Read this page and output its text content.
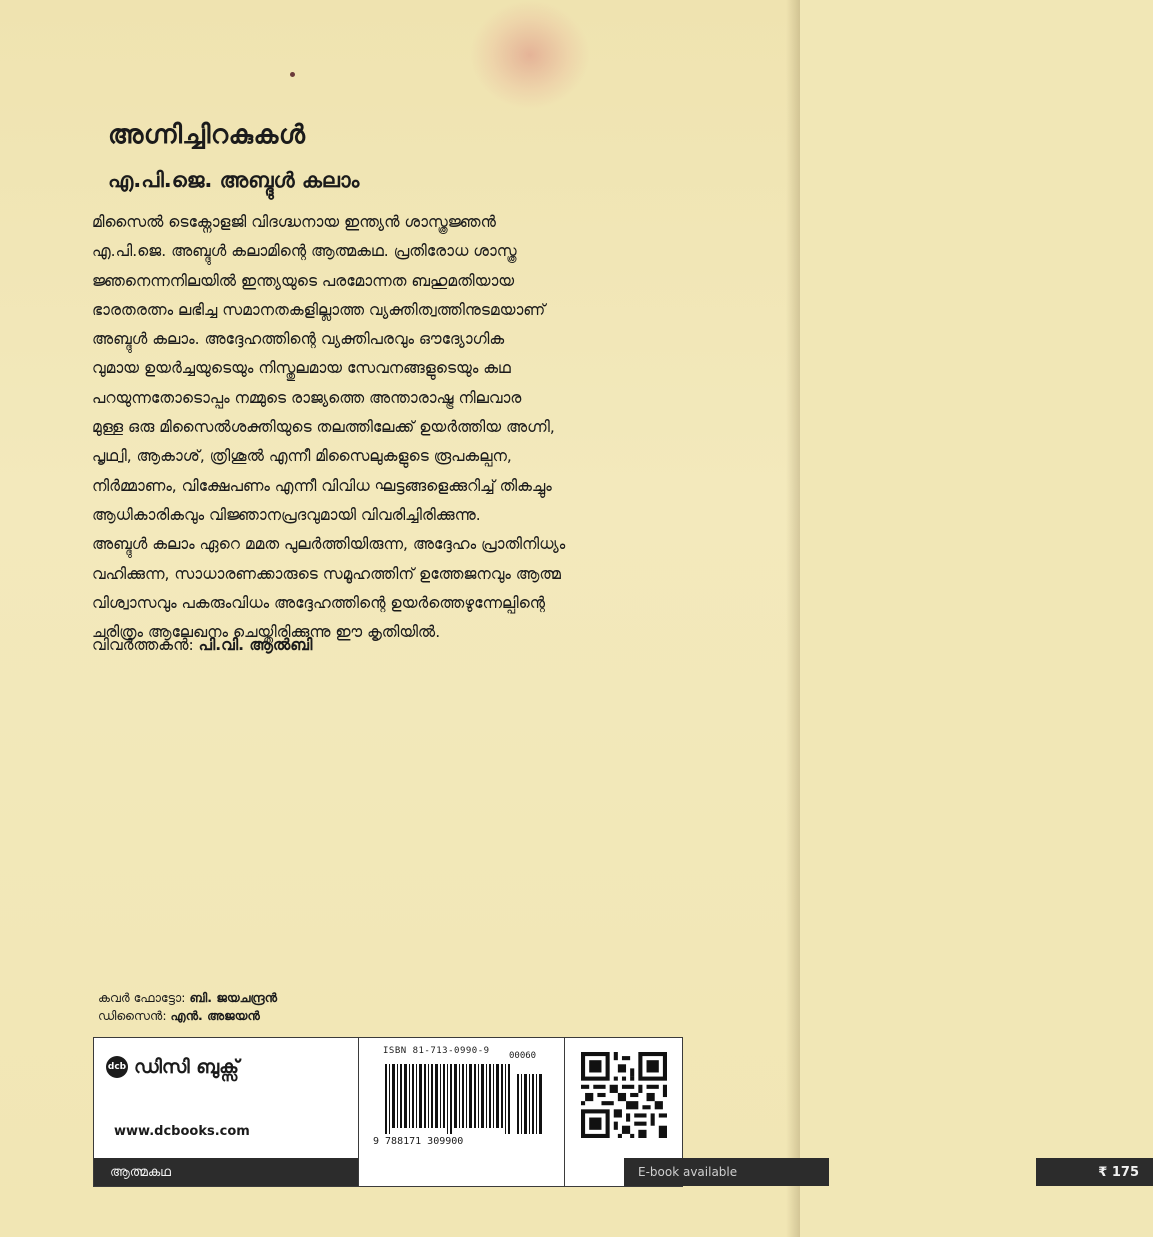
അഗ്നിച്ചിറകുകൾ
എ.പി.ജെ. അബ്ദുൾ കലാം
മിസൈൽ ടെക്നോളജി വിദഗ്ദ്ധനായ ഇന്ത്യൻ ശാസ്ത്രജ്ഞൻ
എ.പി.ജെ. അബ്ദുൾ കലാമിന്റെ ആത്മകഥ. പ്രതിരോധ ശാസ്ത്ര
ജ്ഞനെന്നനിലയിൽ ഇന്ത്യയുടെ പരമോന്നത ബഹുമതിയായ
ഭാരതരത്നം ലഭിച്ച സമാനതകളില്ലാത്ത വ്യക്തിത്വത്തിനുടമയാണ്
അബ്ദുൾ കലാം. അദ്ദേഹത്തിന്റെ വ്യക്തിപരവും ഔദ്യോഗിക
വുമായ ഉയർച്ചയുടെയും നിസ്തുലമായ സേവനങ്ങളുടെയും കഥ
പറയുന്നതോടൊപ്പം നമ്മുടെ രാജ്യത്തെ അന്താരാഷ്ട്ര നിലവാര
മുള്ള ഒരു മിസൈൽശക്തിയുടെ തലത്തിലേക്ക് ഉയർത്തിയ അഗ്നി,
പൃഥ്വി, ആകാശ്, ത്രിശൂൽ എന്നീ മിസൈലുകളുടെ രൂപകല്പന,
നിർമ്മാണം, വിക്ഷേപണം എന്നീ വിവിധ ഘട്ടങ്ങളെക്കുറിച്ച് തികച്ചും
ആധികാരികവും വിജ്ഞാനപ്രദവുമായി വിവരിച്ചിരിക്കുന്നു.
അബ്ദുൾ കലാം ഏറെ മമത പുലർത്തിയിരുന്ന, അദ്ദേഹം പ്രാതിനിധ്യം
വഹിക്കുന്ന, സാധാരണക്കാരുടെ സമൂഹത്തിന് ഉത്തേജനവും ആത്മ
വിശ്വാസവും പകരുംവിധം അദ്ദേഹത്തിന്റെ ഉയർത്തെഴുന്നേല്പിന്റെ
ചരിത്രം ആലേഖനം ചെയ്തിരിക്കുന്നു ഈ കൃതിയിൽ.
വിവർത്തകൻ: പി.വി. ആൽബി
കവർ ഫോട്ടോ: ബി. ജയചന്ദ്രൻ
ഡിസൈൻ: എൻ. അജയൻ
dcb ഡിസി ബുക്സ്
www.dcbooks.com
ആത്മകഥ
ISBN 81-713-0990-9 00060
9 788171 309900
E-book available	₹ 175
